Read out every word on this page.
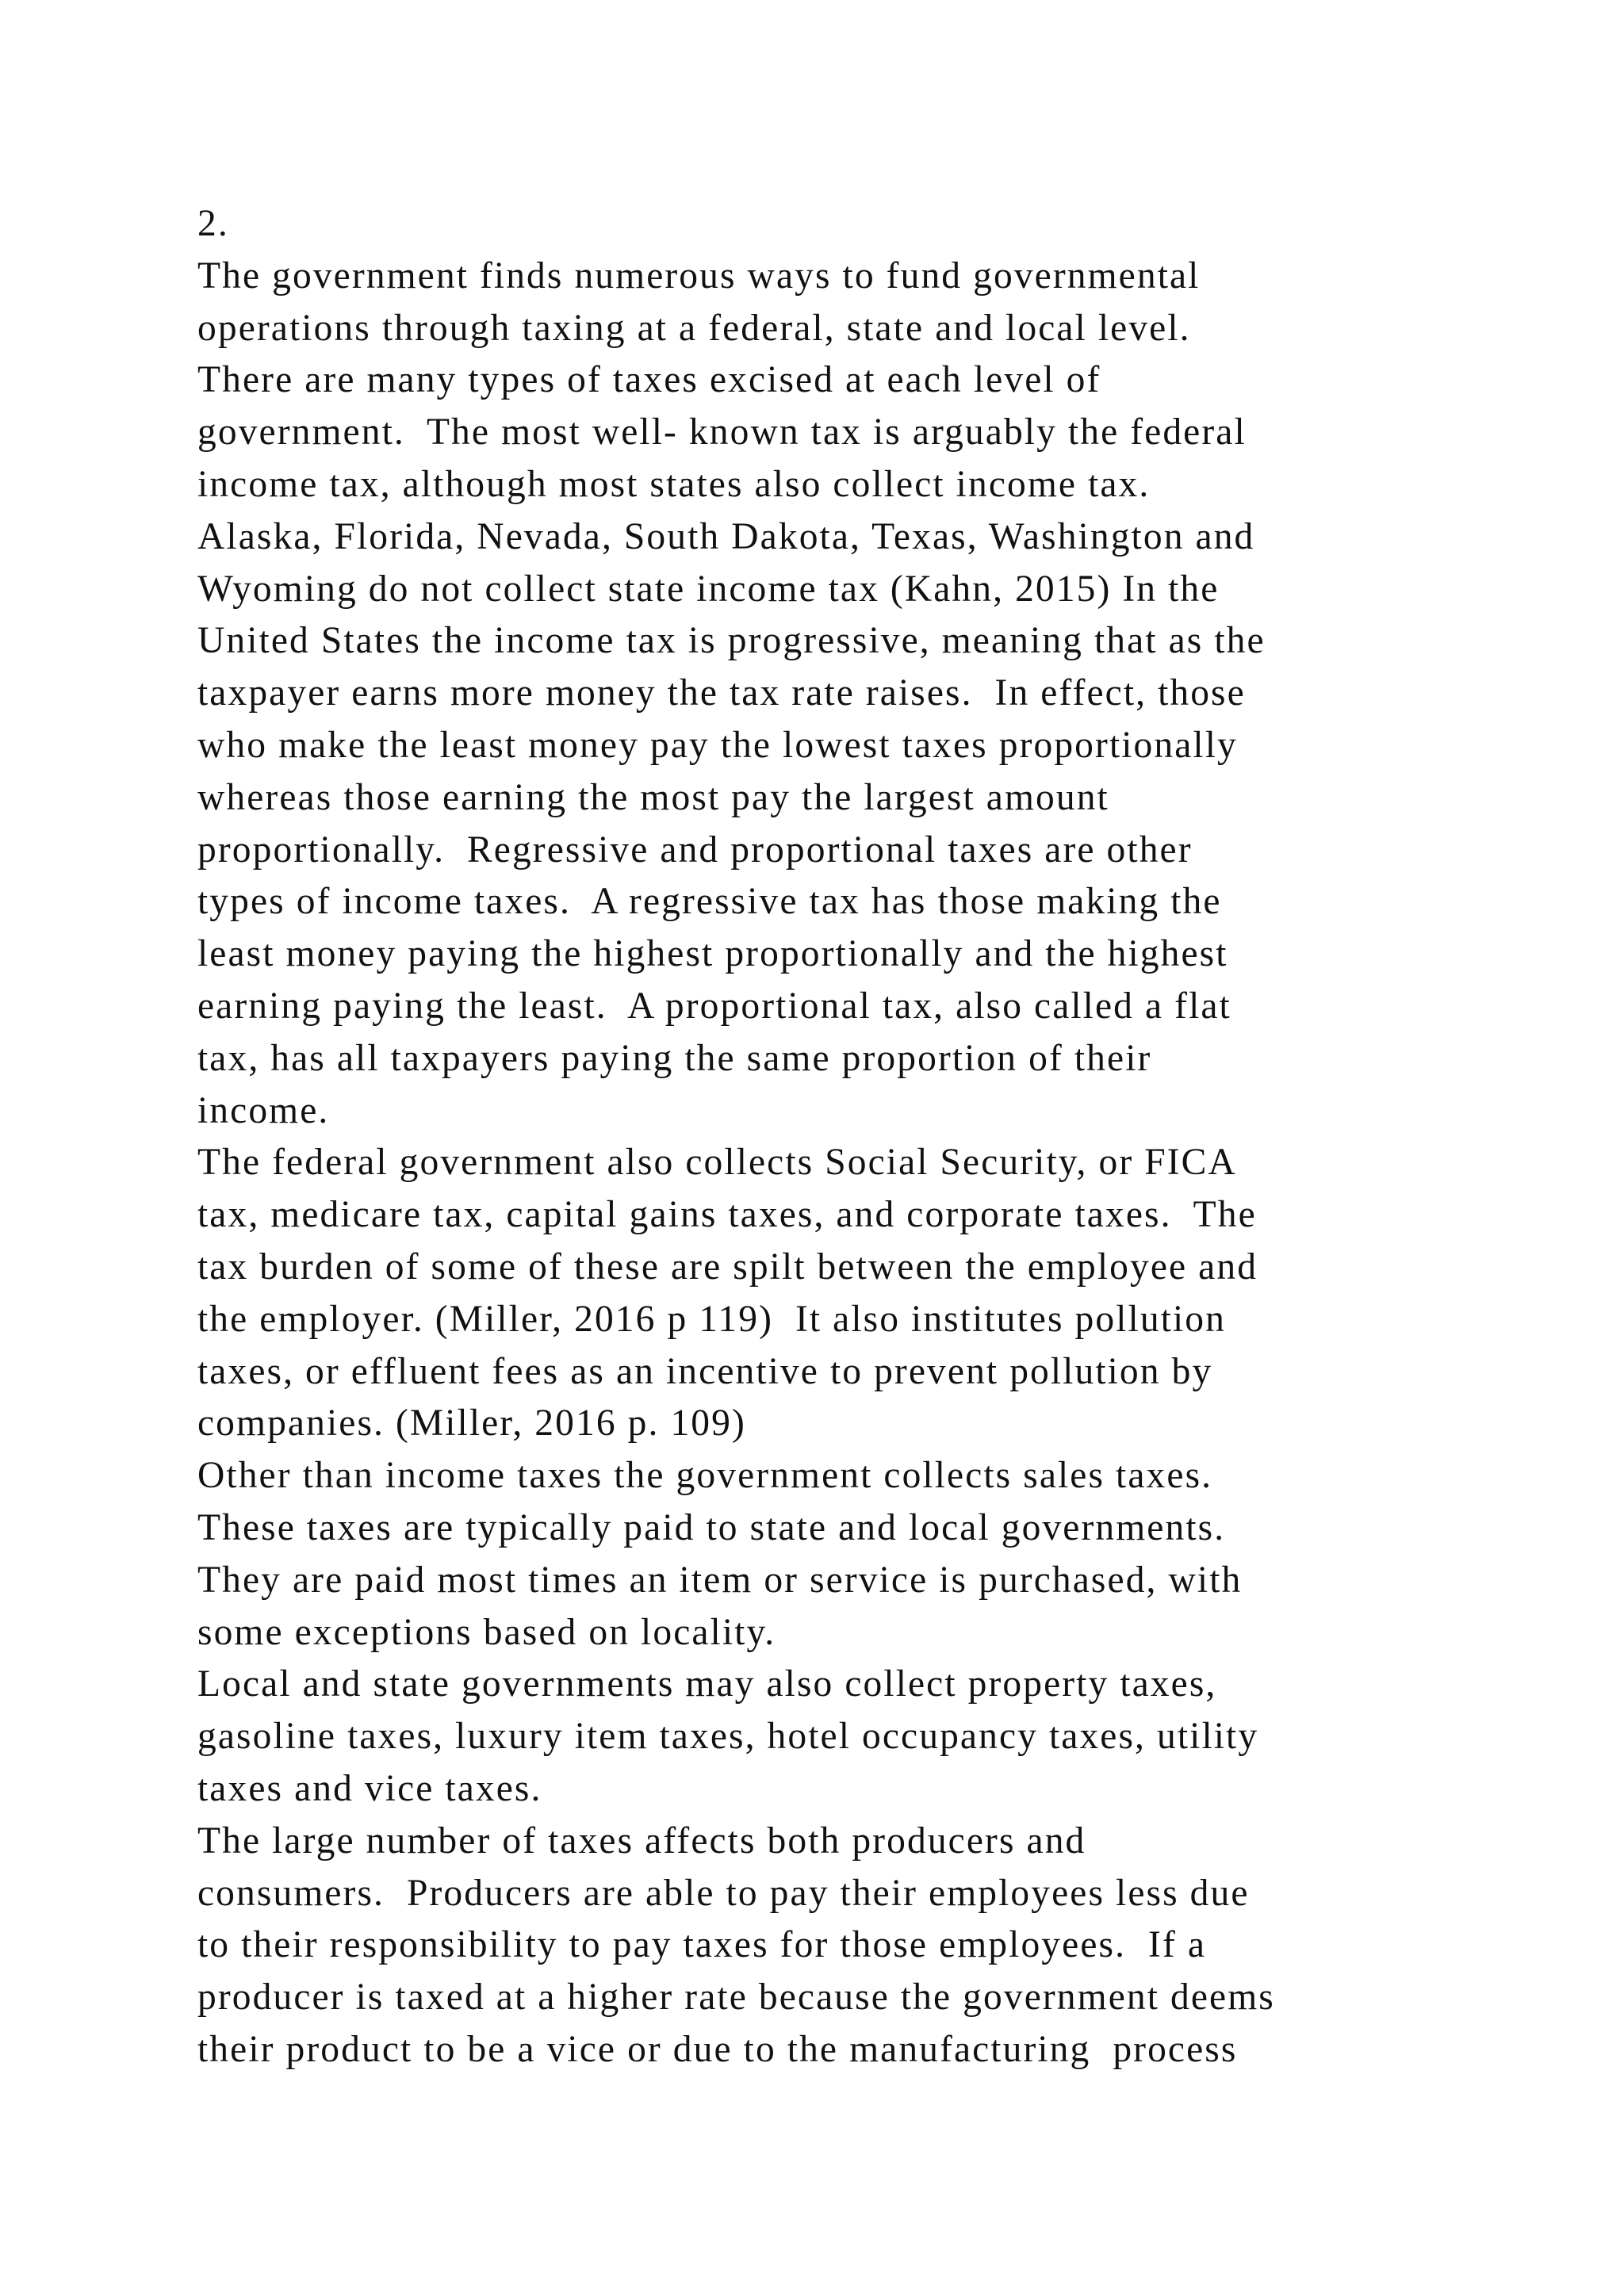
2.
The government finds numerous ways to fund governmental
operations through taxing at a federal, state and local level.
There are many types of taxes excised at each level of
government.  The most well- known tax is arguably the federal
income tax, although most states also collect income tax.
Alaska, Florida, Nevada, South Dakota, Texas, Washington and
Wyoming do not collect state income tax (Kahn, 2015) In the
United States the income tax is progressive, meaning that as the
taxpayer earns more money the tax rate raises.  In effect, those
who make the least money pay the lowest taxes proportionally
whereas those earning the most pay the largest amount
proportionally.  Regressive and proportional taxes are other
types of income taxes.  A regressive tax has those making the
least money paying the highest proportionally and the highest
earning paying the least.  A proportional tax, also called a flat
tax, has all taxpayers paying the same proportion of their
income.
The federal government also collects Social Security, or FICA
tax, medicare tax, capital gains taxes, and corporate taxes.  The
tax burden of some of these are spilt between the employee and
the employer. (Miller, 2016 p 119)  It also institutes pollution
taxes, or effluent fees as an incentive to prevent pollution by
companies. (Miller, 2016 p. 109)
Other than income taxes the government collects sales taxes.
These taxes are typically paid to state and local governments.
They are paid most times an item or service is purchased, with
some exceptions based on locality.
Local and state governments may also collect property taxes,
gasoline taxes, luxury item taxes, hotel occupancy taxes, utility
taxes and vice taxes.
The large number of taxes affects both producers and
consumers.  Producers are able to pay their employees less due
to their responsibility to pay taxes for those employees.  If a
producer is taxed at a higher rate because the government deems
their product to be a vice or due to the manufacturing  process
